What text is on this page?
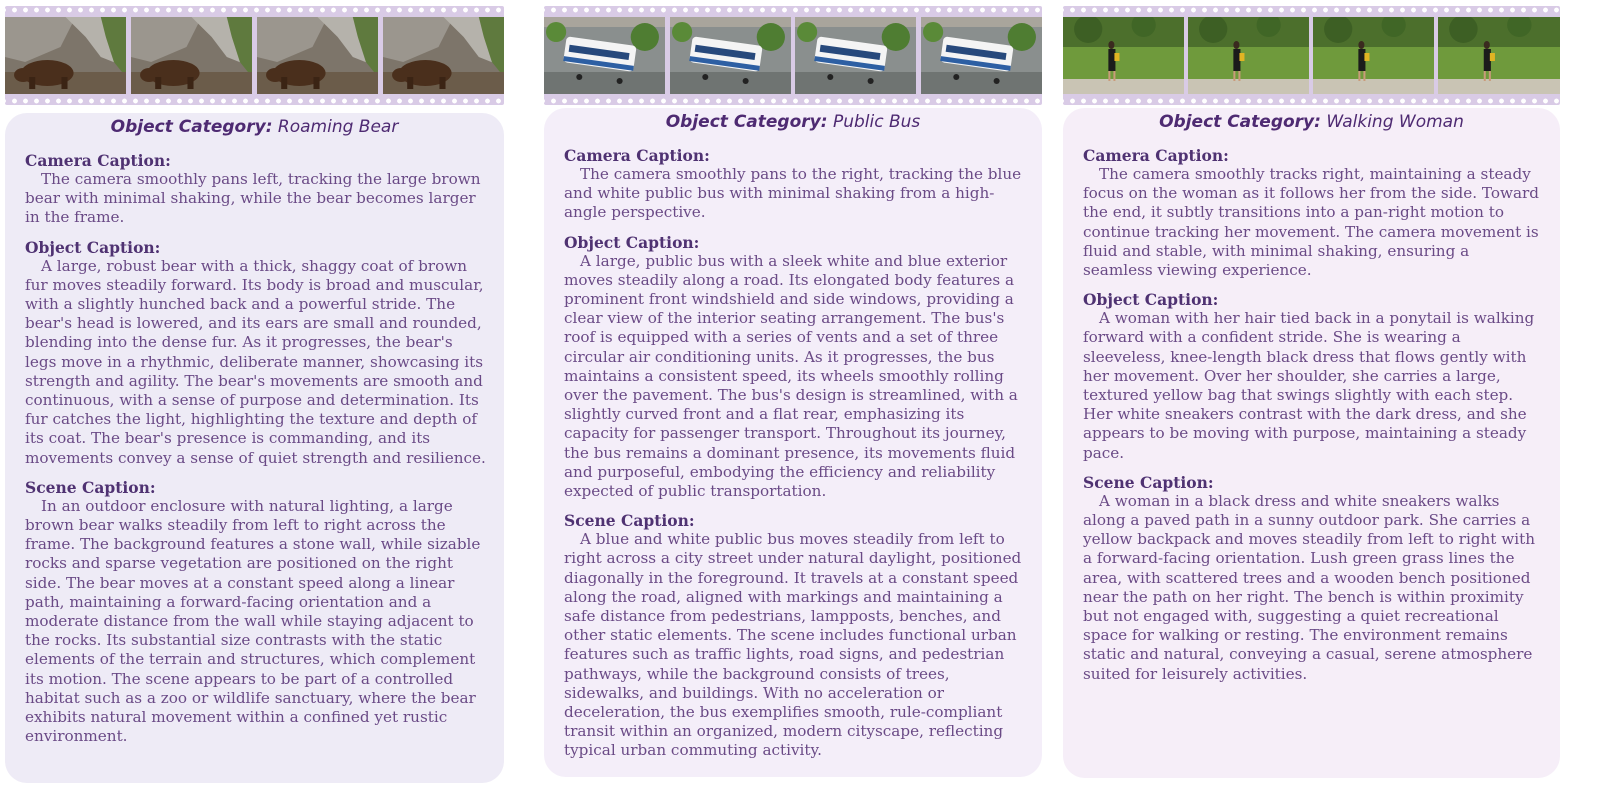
Object Category: Roaming Bear
Camera Caption:

The camera smoothly pans left, tracking the large brown bear with minimal shaking, while the bear becomes larger in the frame.

Object Caption:

A large, robust bear with a thick, shaggy coat of brown fur moves steadily forward. Its body is broad and muscular, with a slightly hunched back and a powerful stride. The bear's head is lowered, and its ears are small and rounded, blending into the dense fur. As it progresses, the bear's legs move in a rhythmic, deliberate manner, showcasing its strength and agility. The bear's movements are smooth and continuous, with a sense of purpose and determination. Its fur catches the light, highlighting the texture and depth of its coat. The bear's presence is commanding, and its movements convey a sense of quiet strength and resilience.

Scene Caption:

In an outdoor enclosure with natural lighting, a large brown bear walks steadily from left to right across the frame. The background features a stone wall, while sizable rocks and sparse vegetation are positioned on the right side. The bear moves at a constant speed along a linear path, maintaining a forward-facing orientation and a moderate distance from the wall while staying adjacent to the rocks. Its substantial size contrasts with the static elements of the terrain and structures, which complement its motion. The scene appears to be part of a controlled habitat such as a zoo or wildlife sanctuary, where the bear exhibits natural movement within a confined yet rustic environment.

Object Category: Public Bus
Camera Caption:

The camera smoothly pans to the right, tracking the blue and white public bus with minimal shaking from a high-angle perspective.

Object Caption:

A large, public bus with a sleek white and blue exterior moves steadily along a road. Its elongated body features a prominent front windshield and side windows, providing a clear view of the interior seating arrangement. The bus's roof is equipped with a series of vents and a set of three circular air conditioning units. As it progresses, the bus maintains a consistent speed, its wheels smoothly rolling over the pavement. The bus's design is streamlined, with a slightly curved front and a flat rear, emphasizing its capacity for passenger transport. Throughout its journey, the bus remains a dominant presence, its movements fluid and purposeful, embodying the efficiency and reliability expected of public transportation.

Scene Caption:

A blue and white public bus moves steadily from left to right across a city street under natural daylight, positioned diagonally in the foreground. It travels at a constant speed along the road, aligned with markings and maintaining a safe distance from pedestrians, lampposts, benches, and other static elements. The scene includes functional urban features such as traffic lights, road signs, and pedestrian pathways, while the background consists of trees, sidewalks, and buildings. With no acceleration or deceleration, the bus exemplifies smooth, rule-compliant transit within an organized, modern cityscape, reflecting typical urban commuting activity.

Object Category: Walking Woman
Camera Caption:

The camera smoothly tracks right, maintaining a steady focus on the woman as it follows her from the side. Toward the end, it subtly transitions into a pan-right motion to continue tracking her movement. The camera movement is fluid and stable, with minimal shaking, ensuring a seamless viewing experience.

Object Caption:

A woman with her hair tied back in a ponytail is walking forward with a confident stride. She is wearing a sleeveless, knee-length black dress that flows gently with her movement. Over her shoulder, she carries a large, textured yellow bag that swings slightly with each step. Her white sneakers contrast with the dark dress, and she appears to be moving with purpose, maintaining a steady pace.

Scene Caption:

A woman in a black dress and white sneakers walks along a paved path in a sunny outdoor park. She carries a yellow backpack and moves steadily from left to right with a forward-facing orientation. Lush green grass lines the area, with scattered trees and a wooden bench positioned near the path on her right. The bench is within proximity but not engaged with, suggesting a quiet recreational space for walking or resting. The environment remains static and natural, conveying a casual, serene atmosphere suited for leisurely activities.
